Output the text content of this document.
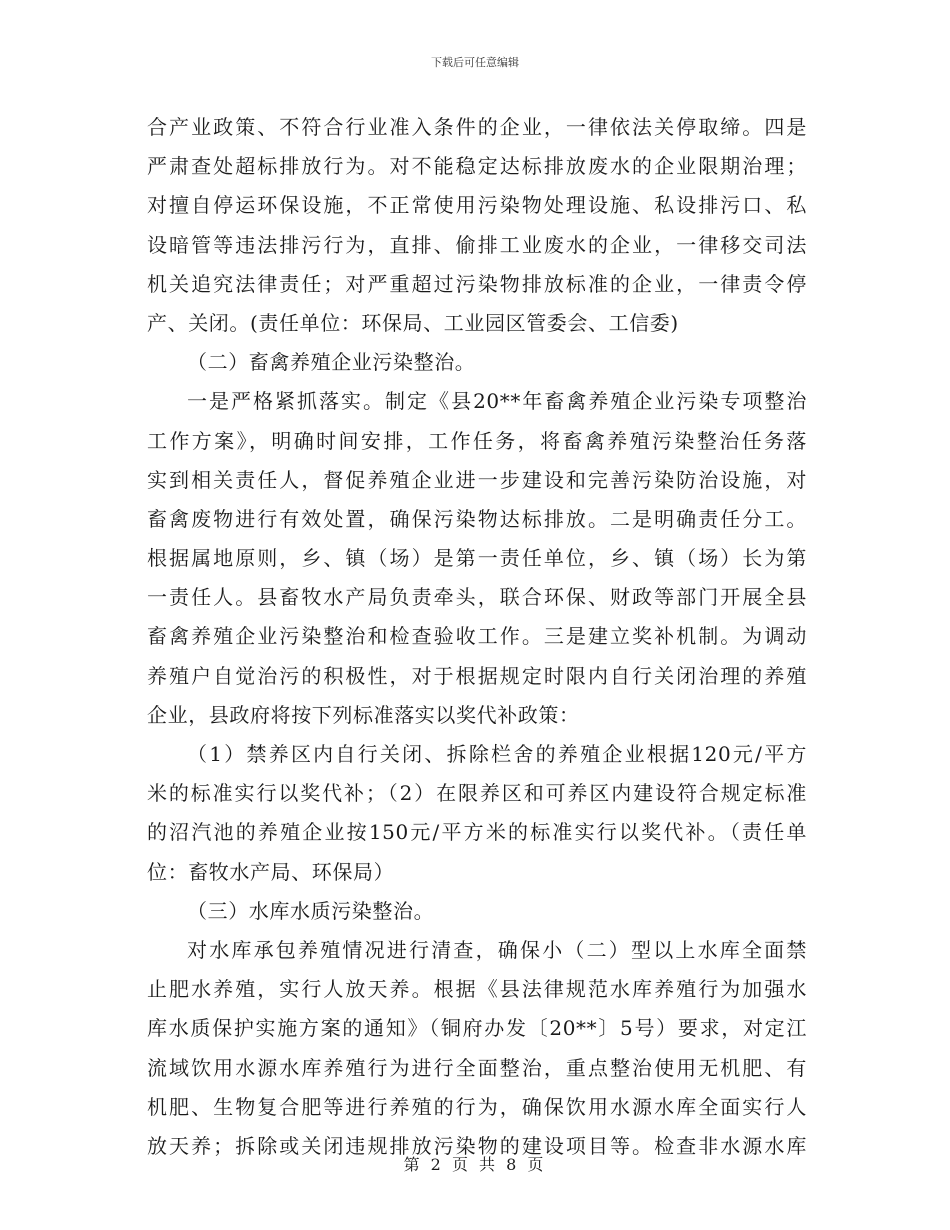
下载后可任意编辑
合产业政策、不符合行业准入条件的企业，一律依法关停取缔。四是
严肃查处超标排放行为。对不能稳定达标排放废水的企业限期治理；
对擅自停运环保设施，不正常使用污染物处理设施、私设排污口、私
设暗管等违法排污行为，直排、偷排工业废水的企业，一律移交司法
机关追究法律责任；对严重超过污染物排放标准的企业，一律责令停
产、关闭。(责任单位：环保局、工业园区管委会、工信委)
（二）畜禽养殖企业污染整治。
一是严格紧抓落实。制定《县20**年畜禽养殖企业污染专项整治
工作方案》，明确时间安排，工作任务，将畜禽养殖污染整治任务落
实到相关责任人，督促养殖企业进一步建设和完善污染防治设施，对
畜禽废物进行有效处置，确保污染物达标排放。二是明确责任分工。
根据属地原则，乡、镇（场）是第一责任单位，乡、镇（场）长为第
一责任人。县畜牧水产局负责牵头，联合环保、财政等部门开展全县
畜禽养殖企业污染整治和检查验收工作。三是建立奖补机制。为调动
养殖户自觉治污的积极性，对于根据规定时限内自行关闭治理的养殖
企业，县政府将按下列标准落实以奖代补政策：
（1）禁养区内自行关闭、拆除栏舍的养殖企业根据120元/平方
米的标准实行以奖代补；（2）在限养区和可养区内建设符合规定标准
的沼汽池的养殖企业按150元/平方米的标准实行以奖代补。（责任单
位：畜牧水产局、环保局）
（三）水库水质污染整治。
对水库承包养殖情况进行清查，确保小（二）型以上水库全面禁
止肥水养殖，实行人放天养。根据《县法律规范水库养殖行为加强水
库水质保护实施方案的通知》（铜府办发〔20**〕5号）要求，对定江
流域饮用水源水库养殖行为进行全面整治，重点整治使用无机肥、有
机肥、生物复合肥等进行养殖的行为，确保饮用水源水库全面实行人
放天养；拆除或关闭违规排放污染物的建设项目等。检查非水源水库
第 2 页 共 8 页
